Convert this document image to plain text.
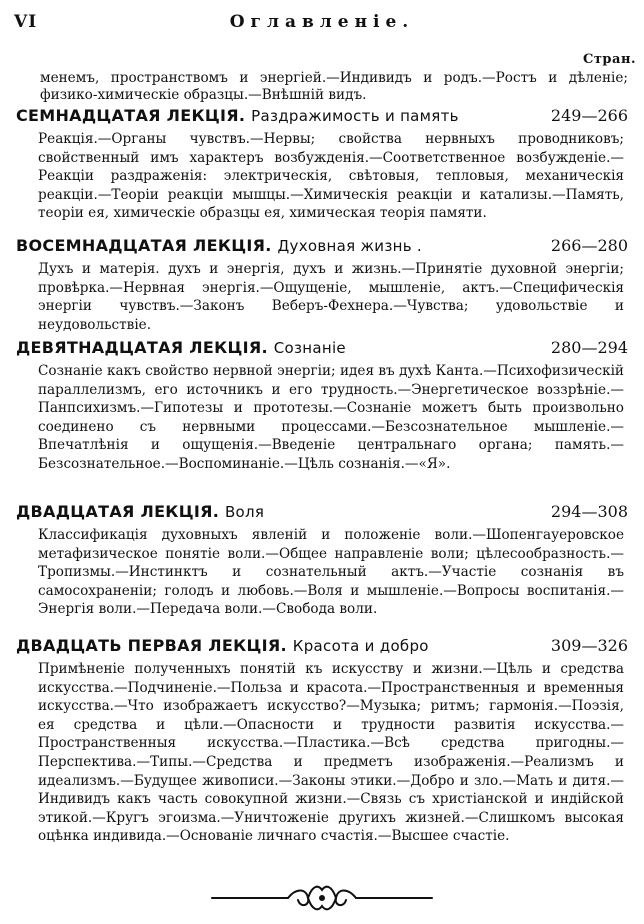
VI	Оглавленіе.
Стран.
менемъ, пространствомъ и энергіей.—Индивидъ и родъ.—Ростъ и дѣленіе; физико-химическіе образцы.—Внѣшній видъ.
СЕМНАДЦАТАЯ ЛЕКЦІЯ. Раздражимость и память	249—266
Реакція.—Органы чувствъ.—Нервы; свойства нервныхъ проводниковъ; свойственный имъ характеръ возбужденія.—Соответственное возбужденіе.—Реакціи раздраженія: электрическія, свѣтовыя, тепловыя, механическія реакціи.—Теоріи реакціи мышцы.—Химическія реакціи и катализы.—Память, теоріи ея, химическіе образцы ея, химическая теорія памяти.
ВОСЕМНАДЦАТАЯ ЛЕКЦІЯ. Духовная жизнь .	266—280
Духъ и матерія. духъ и энергія, духъ и жизнь.—Принятіе духовной энергіи; провѣрка.—Нервная энергія.—Ощущеніе, мышленіе, актъ.—Специфическія энергіи чувствъ.—Законъ Веберъ-Фехнера.—Чувства; удовольствіе и неудовольствіе.
ДЕВЯТНАДЦАТАЯ ЛЕКЦІЯ. Сознаніе	280—294
Сознаніе какъ свойство нервной энергіи; идея въ духѣ Канта.—Психофизическій параллелизмъ, его источникъ и его трудность.—Энергетическое воззрѣніе.—Панпсихизмъ.—Гипотезы и прототезы.—Сознаніе можетъ быть произвольно соединено съ нервными процессами.—Безсознательное мышленіе.—Впечатлѣнія и ощущенія.—Введеніе центральнаго органа; память.—Безсознательное.—Воспоминаніе.—Цѣль сознанія.—«Я».
ДВАДЦАТАЯ ЛЕКЦІЯ. Воля	294—308
Классификація духовныхъ явленій и положеніе воли.—Шопенгауеровское метафизическое понятіе воли.—Общее направленіе воли; цѣлесообразность.—Тропизмы.—Инстинктъ и сознательный актъ.—Участіе сознанія въ самосохраненіи; голодъ и любовь.—Воля и мышленіе.—Вопросы воспитанія.—Энергія воли.—Передача воли.—Свобода воли.
ДВАДЦАТЬ ПЕРВАЯ ЛЕКЦІЯ. Красота и добро	309—326
Примѣненіе полученныхъ понятій къ искусству и жизни.—Цѣль и средства искусства.—Подчиненіе.—Польза и красота.—Пространственныя и временныя искусства.—Что изображаетъ искусство?—Музыка; ритмъ; гармонія.—Поэзія, ея средства и цѣли.—Опасности и трудности развитія искусства.—Пространственныя искусства.—Пластика.—Всѣ средства пригодны.—Перспектива.—Типы.—Средства и предметъ изображенія.—Реализмъ и идеализмъ.—Будущее живописи.—Законы этики.—Добро и зло.—Мать и дитя.—Индивидъ какъ часть совокупной жизни.—Связь съ христіанской и индійской этикой.—Кругъ эгоизма.—Уничтоженіе другихъ жизней.—Слишкомъ высокая оцѣнка индивида.—Основаніе личнаго счастія.—Высшее счастіе.
